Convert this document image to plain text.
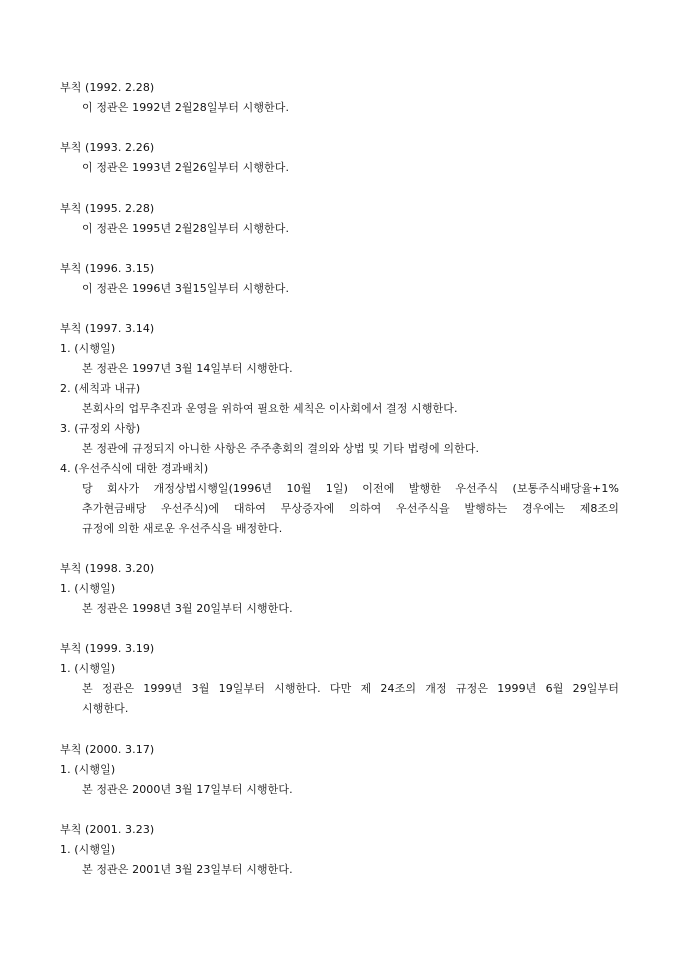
부칙 (1992. 2.28)
이 정관은 1992년 2월28일부터 시행한다.
부칙 (1993. 2.26)
이 정관은 1993년 2월26일부터 시행한다.
부칙 (1995. 2.28)
이 정관은 1995년 2월28일부터 시행한다.
부칙 (1996. 3.15)
이 정관은 1996년 3월15일부터 시행한다.
부칙 (1997. 3.14)
1. (시행일)
본 정관은 1997년 3월 14일부터 시행한다.
2. (세칙과 내규)
본회사의 업무추진과 운영을 위하여 필요한 세칙은 이사회에서 결정 시행한다.
3. (규정외 사항)
본 정관에 규정되지 아니한 사항은 주주총회의 결의와 상법 및 기타 법령에 의한다.
4. (우선주식에 대한 경과배치)
당 회사가 개정상법시행일(1996년 10월 1일) 이전에 발행한 우선주식 (보통주식배당율+1%
추가현금배당 우선주식)에 대하여 무상증자에 의하여 우선주식을 발행하는 경우에는 제8조의
규정에 의한 새로운 우선주식을 배정한다.
부칙 (1998. 3.20)
1. (시행일)
본 정관은 1998년 3월 20일부터 시행한다.
부칙 (1999. 3.19)
1. (시행일)
본 정관은 1999년 3월 19일부터 시행한다. 다만 제 24조의 개정 규정은 1999년 6월 29일부터
시행한다.
부칙 (2000. 3.17)
1. (시행일)
본 정관은 2000년 3월 17일부터 시행한다.
부칙 (2001. 3.23)
1. (시행일)
본 정관은 2001년 3월 23일부터 시행한다.
